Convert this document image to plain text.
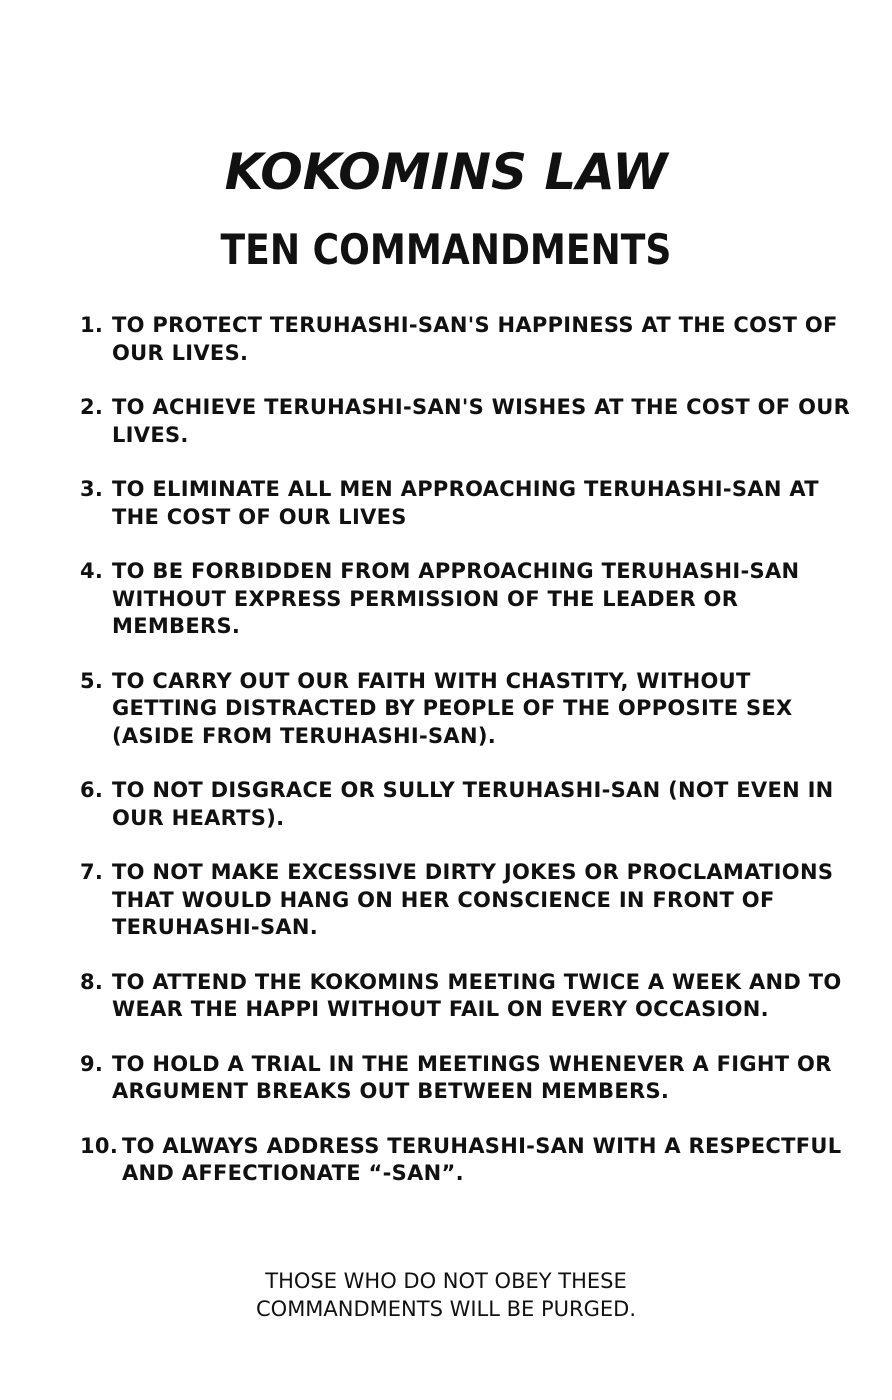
KOKOMINS LAW
TEN COMMANDMENTS
1. TO PROTECT TERUHASHI-SAN'S HAPPINESS AT THE COST OF OUR LIVES.
2. TO ACHIEVE TERUHASHI-SAN'S WISHES AT THE COST OF OUR LIVES.
3. TO ELIMINATE ALL MEN APPROACHING TERUHASHI-SAN AT THE COST OF OUR LIVES
4. TO BE FORBIDDEN FROM APPROACHING TERUHASHI-SAN WITHOUT EXPRESS PERMISSION OF THE LEADER OR MEMBERS.
5. TO CARRY OUT OUR FAITH WITH CHASTITY, WITHOUT GETTING DISTRACTED BY PEOPLE OF THE OPPOSITE SEX (ASIDE FROM TERUHASHI-SAN).
6. TO NOT DISGRACE OR SULLY TERUHASHI-SAN (NOT EVEN IN OUR HEARTS).
7. TO NOT MAKE EXCESSIVE DIRTY JOKES OR PROCLAMATIONS THAT WOULD HANG ON HER CONSCIENCE IN FRONT OF TERUHASHI-SAN.
8. TO ATTEND THE KOKOMINS MEETING TWICE A WEEK AND TO WEAR THE HAPPI WITHOUT FAIL ON EVERY OCCASION.
9. TO HOLD A TRIAL IN THE MEETINGS WHENEVER A FIGHT OR ARGUMENT BREAKS OUT BETWEEN MEMBERS.
10. TO ALWAYS ADDRESS TERUHASHI-SAN WITH A RESPECTFUL AND AFFECTIONATE “-SAN”.

THOSE WHO DO NOT OBEY THESE
COMMANDMENTS WILL BE PURGED.
